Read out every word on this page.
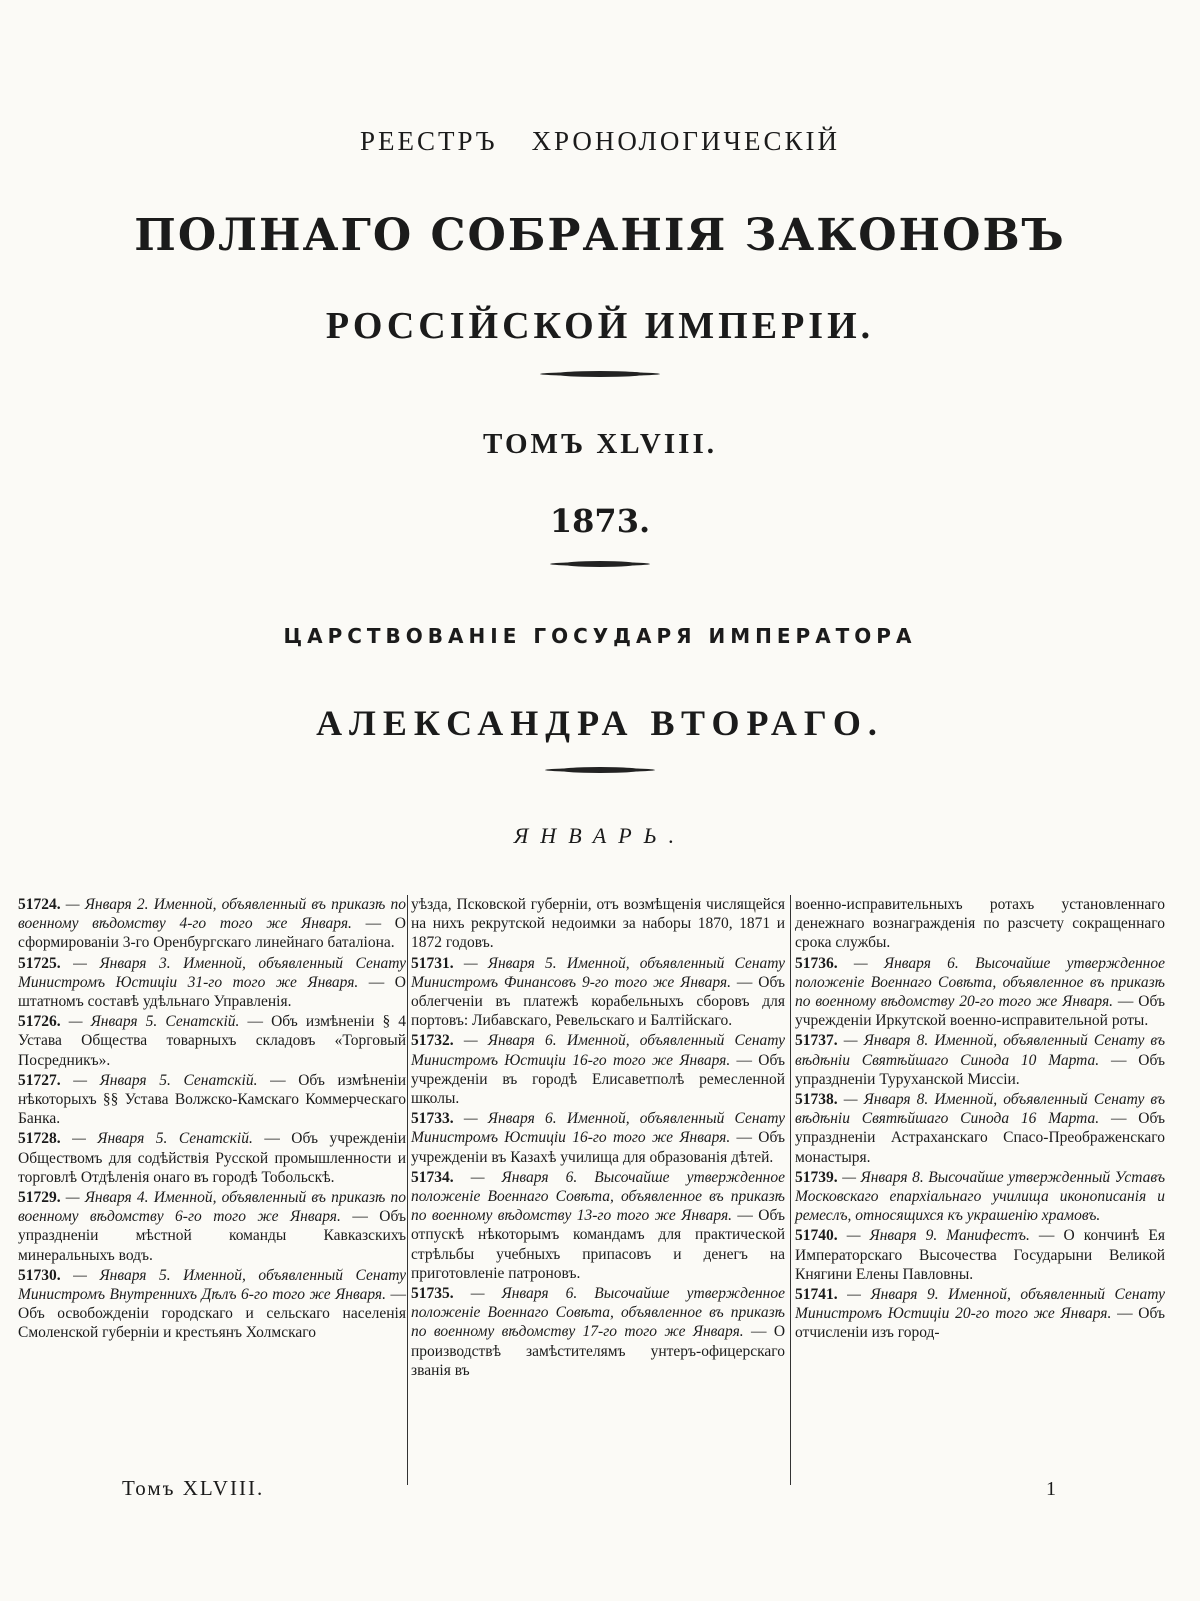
РЕЕСТРЪ ХРОНОЛОГИЧЕСКІЙ
ПОЛНАГО СОБРАНІЯ ЗАКОНОВЪ
РОССІЙСКОЙ ИМПЕРІИ.
ТОМЪ XLVIII.
1873.
ЦАРСТВОВАНІЕ ГОСУДАРЯ ИМПЕРАТОРА
АЛЕКСАНДРА ВТОРАГО.
ЯНВАРЬ.
51724. — Января 2. Именной, объявленный въ приказѣ по военному вѣдомству 4-го того же Января. — О сформированіи 3-го Оренбургскаго линейнаго баталіона.
51725. — Января 3. Именной, объявленный Сенату Министромъ Юстиціи 31-го того же Января. — О штатномъ составѣ удѣльнаго Управленія.
51726. — Января 5. Сенатскій. — Объ измѣненіи § 4 Устава Общества товарныхъ складовъ «Торговый Посредникъ».
51727. — Января 5. Сенатскій. — Объ измѣненіи нѣкоторыхъ §§ Устава Волжско-Камскаго Коммерческаго Банка.
51728. — Января 5. Сенатскій. — Объ учрежденіи Обществомъ для содѣйствія Русской промышленности и торговлѣ Отдѣленія онаго въ городѣ Тобольскѣ.
51729. — Января 4. Именной, объявленный въ приказѣ по военному вѣдомству 6-го того же Января. — Объ упраздненіи мѣстной команды Кавказскихъ минеральныхъ водъ.
51730. — Января 5. Именной, объявленный Сенату Министромъ Внутреннихъ Дѣлъ 6-го того же Января. — Объ освобожденіи городскаго и сельскаго населенія Смоленской губерніи и крестьянъ Холмскаго
уѣзда, Псковской губерніи, отъ возмѣщенія числящейся на нихъ рекрутской недоимки за наборы 1870, 1871 и 1872 годовъ.
51731. — Января 5. Именной, объявленный Сенату Министромъ Финансовъ 9-го того же Января. — Объ облегченіи въ платежѣ корабельныхъ сборовъ для портовъ: Либавскаго, Ревельскаго и Балтійскаго.
51732. — Января 6. Именной, объявленный Сенату Министромъ Юстиціи 16-го того же Января. — Объ учрежденіи въ городѣ Елисаветполѣ ремесленной школы.
51733. — Января 6. Именной, объявленный Сенату Министромъ Юстиціи 16-го того же Января. — Объ учрежденіи въ Казахѣ училища для образованія дѣтей.
51734. — Января 6. Высочайше утвержденное положеніе Военнаго Совѣта, объявленное въ приказѣ по военному вѣдомству 13-го того же Января. — Объ отпускѣ нѣкоторымъ командамъ для практической стрѣльбы учебныхъ припасовъ и денегъ на приготовленіе патроновъ.
51735. — Января 6. Высочайше утвержденное положеніе Военнаго Совѣта, объявленное въ приказѣ по военному вѣдомству 17-го того же Января. — О производствѣ замѣстителямъ унтеръ-офицерскаго званія въ
военно-исправительныхъ ротахъ установленнаго денежнаго вознагражденія по разсчету сокращеннаго срока службы.
51736. — Января 6. Высочайше утвержденное положеніе Военнаго Совѣта, объявленное въ приказѣ по военному вѣдомству 20-го того же Января. — Объ учрежденіи Иркутской военно-исправительной роты.
51737. — Января 8. Именной, объявленный Сенату въ вѣдѣніи Святѣйшаго Синода 10 Марта. — Объ упраздненіи Туруханской Миссіи.
51738. — Января 8. Именной, объявленный Сенату въ вѣдѣніи Святѣйшаго Синода 16 Марта. — Объ упраздненіи Астраханскаго Спасо-Преображенскаго монастыря.
51739. — Января 8. Высочайше утвержденный Уставъ Московскаго епархіальнаго училища иконописанія и ремеслъ, относящихся къ украшенію храмовъ.
51740. — Января 9. Манифестъ. — О кончинѣ Ея Императорскаго Высочества Государыни Великой Княгини Елены Павловны.
51741. — Января 9. Именной, объявленный Сенату Министромъ Юстиціи 20-го того же Января. — Объ отчисленіи изъ город-
Томъ XLVIII.	1
